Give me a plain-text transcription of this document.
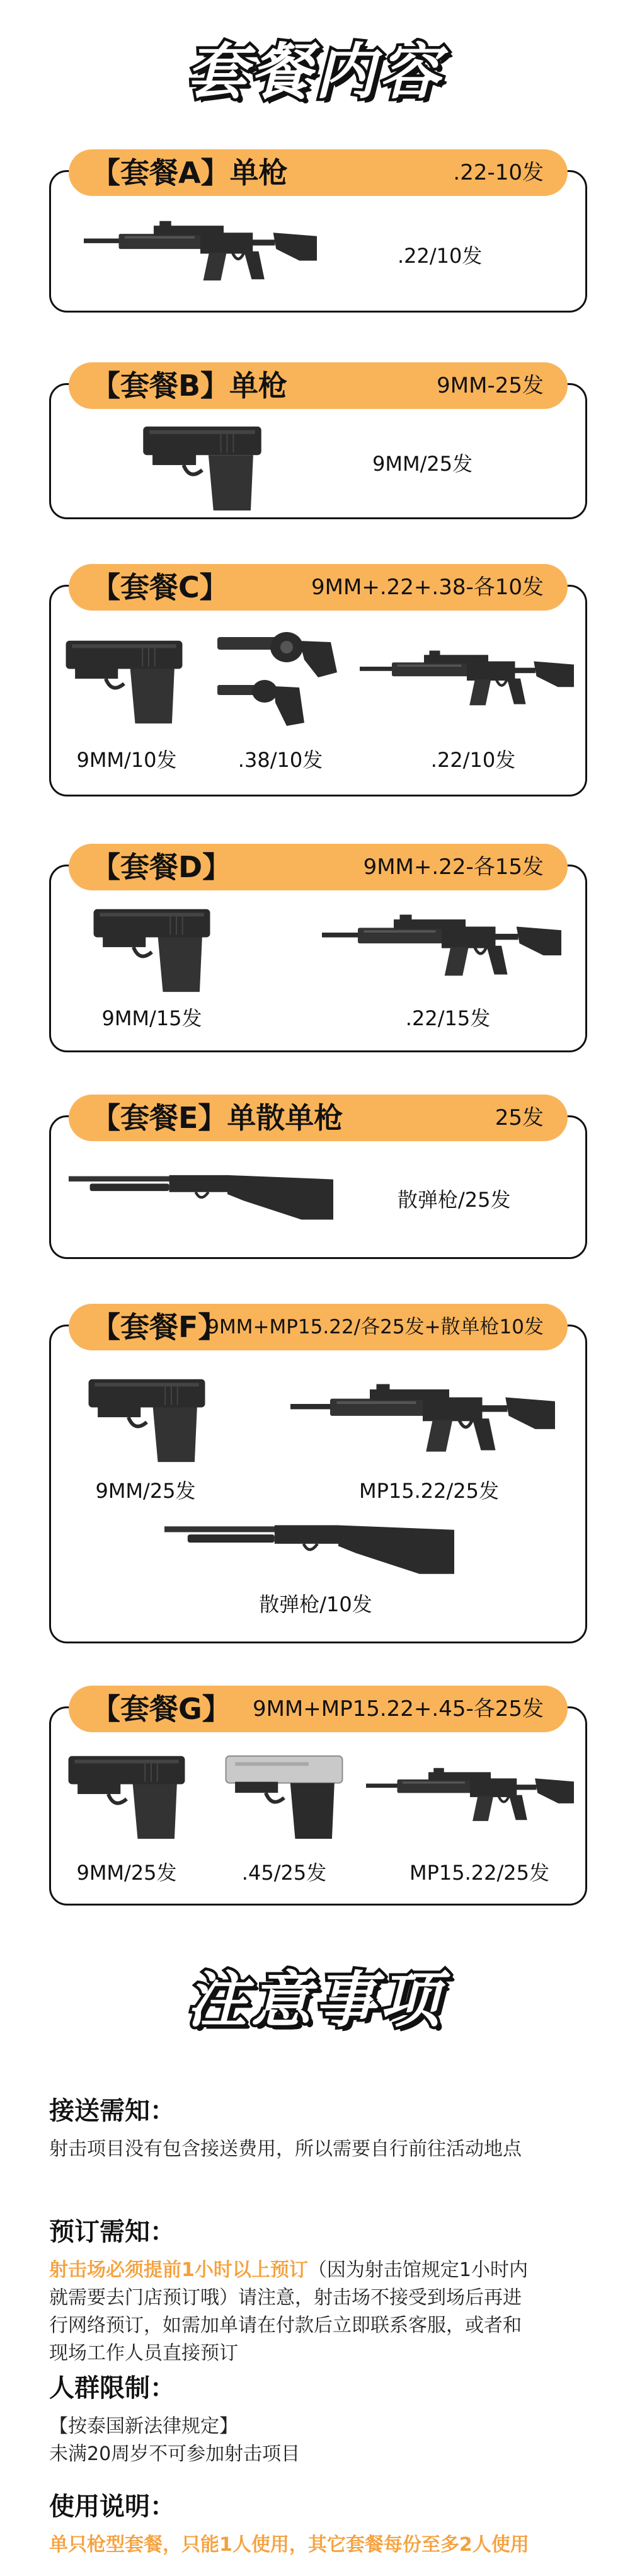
套餐内容
【套餐A】单枪	.22-10发
.22/10发
【套餐B】单枪	9MM-25发
9MM/25发
【套餐C】	9MM+.22+.38-各10发
9MM/10发	.38/10发	.22/10发
【套餐D】	9MM+.22-各15发
9MM/15发	.22/15发
【套餐E】单散单枪	25发
散弹枪/25发
【套餐F】
9MM+MP15.22/各25发+散单枪10发
9MM/25发	MP15.22/25发
散弹枪/10发
【套餐G】 9MM+MP15.22+.45-各25发
9MM/25发	.45/25发	MP15.22/25发
注意事项
接送需知：
射击项目没有包含接送费用，所以需要自行前往活动地点
预订需知：
射击场必须提前1小时以上预订（因为射击馆规定1小时内
就需要去门店预订哦）请注意，射击场不接受到场后再进
行网络预订，如需加单请在付款后立即联系客服，或者和
现场工作人员直接预订
人群限制：
【按泰国新法律规定】
未满20周岁不可参加射击项目
使用说明：
单只枪型套餐，只能1人使用，其它套餐每份至多2人使用
